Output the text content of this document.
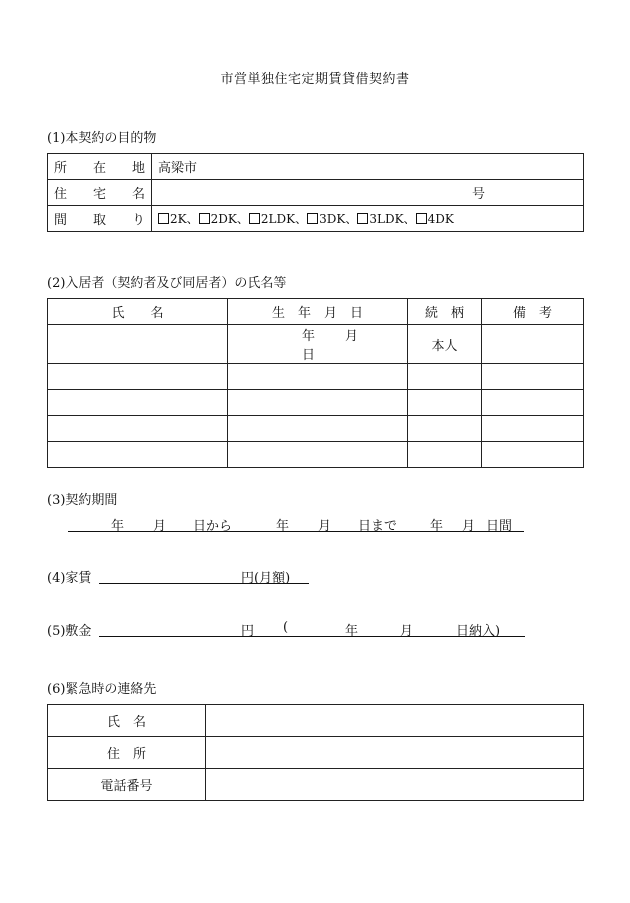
市営単独住宅定期賃貸借契約書
(1)本契約の目的物
所 在 地	高梁市

住 宅 名	号

間 取 り	2K、 2DK、 2LDK、 3DK、 3LDK、 4DK
(2)入居者（契約者及び同居者）の氏名等
氏　　名	生　年　月　日	続　柄	備　考
	年 月日	本人	

(3)契約期間
年 月 日から	年 月 日まで	年 月 日間
(4)家賃	円(月額)
(5)敷金	円 (	年	月	日納入)
(6)緊急時の連絡先
氏　名	
住　所	
電話番号	
